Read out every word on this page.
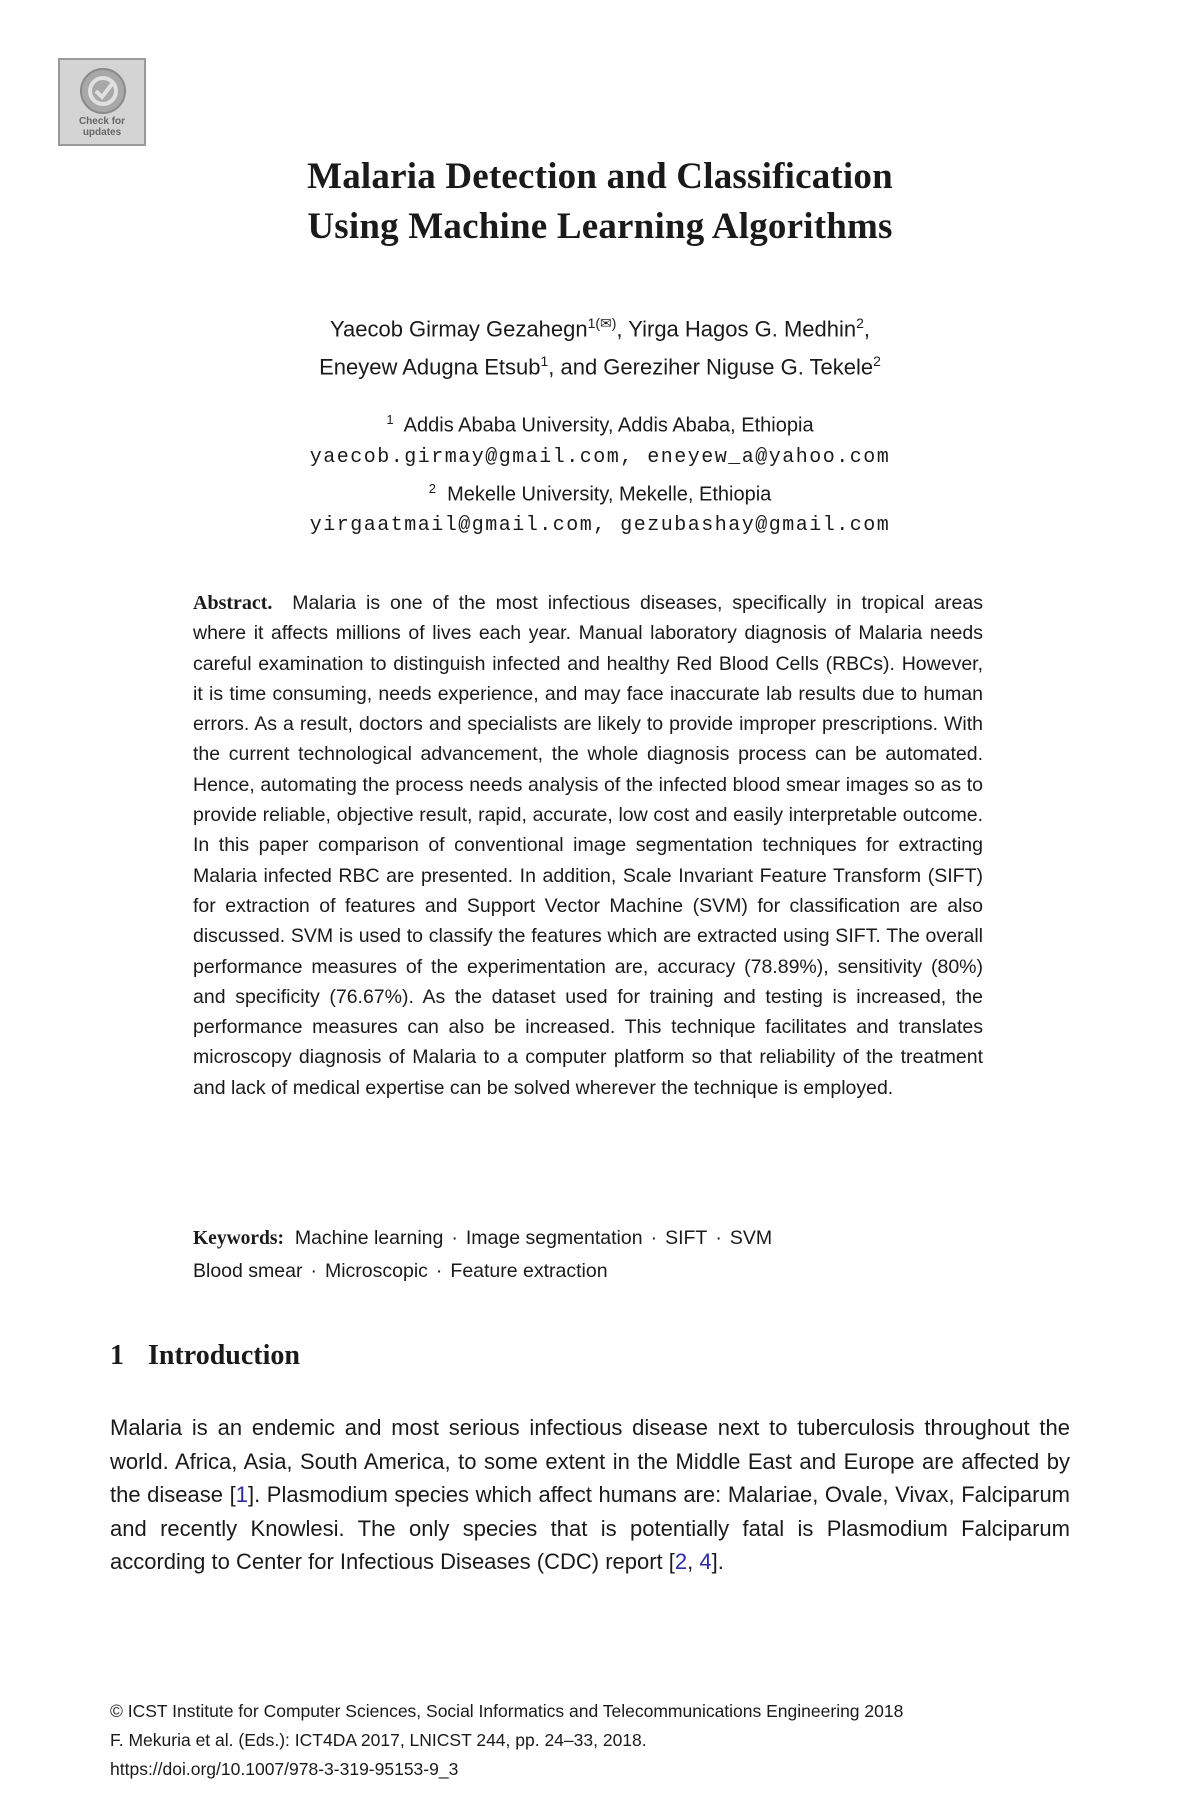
Check for updates
Malaria Detection and Classification
Using Machine Learning Algorithms
Yaecob Girmay Gezahegn$^{1(✉)}$, Yirga Hagos G. Medhin$^2$,
Eneyew Adugna Etsub$^1$, and Gereziher Niguse G. Tekele$^2$
$^1$ Addis Ababa University, Addis Ababa, Ethiopia
yaecob.girmay@gmail.com, eneyew_a@yahoo.com
$^2$ Mekelle University, Mekelle, Ethiopia
yirgaatmail@gmail.com, gezubashay@gmail.com
Abstract. Malaria is one of the most infectious diseases, specifically in tropical areas where it affects millions of lives each year. Manual laboratory diagnosis of Malaria needs careful examination to distinguish infected and healthy Red Blood Cells (RBCs). However, it is time consuming, needs experience, and may face inaccurate lab results due to human errors. As a result, doctors and specialists are likely to provide improper prescriptions. With the current technological advancement, the whole diagnosis process can be automated. Hence, automating the process needs analysis of the infected blood smear images so as to provide reliable, objective result, rapid, accurate, low cost and easily interpretable outcome. In this paper comparison of conventional image segmentation techniques for extracting Malaria infected RBC are presented. In addition, Scale Invariant Feature Transform (SIFT) for extraction of features and Support Vector Machine (SVM) for classification are also discussed. SVM is used to classify the features which are extracted using SIFT. The overall performance measures of the experimentation are, accuracy (78.89%), sensitivity (80%) and specificity (76.67%). As the dataset used for training and testing is increased, the performance measures can also be increased. This technique facilitates and translates microscopy diagnosis of Malaria to a computer platform so that reliability of the treatment and lack of medical expertise can be solved wherever the technique is employed.
Keywords: Machine learning · Image segmentation · SIFT · SVM
Blood smear · Microscopic · Feature extraction
1 Introduction
Malaria is an endemic and most serious infectious disease next to tuberculosis throughout the world. Africa, Asia, South America, to some extent in the Middle East and Europe are affected by the disease [1]. Plasmodium species which affect humans are: Malariae, Ovale, Vivax, Falciparum and recently Knowlesi. The only species that is potentially fatal is Plasmodium Falciparum according to Center for Infectious Diseases (CDC) report [2, 4].
© ICST Institute for Computer Sciences, Social Informatics and Telecommunications Engineering 2018
F. Mekuria et al. (Eds.): ICT4DA 2017, LNICST 244, pp. 24–33, 2018.
https://doi.org/10.1007/978-3-319-95153-9_3
